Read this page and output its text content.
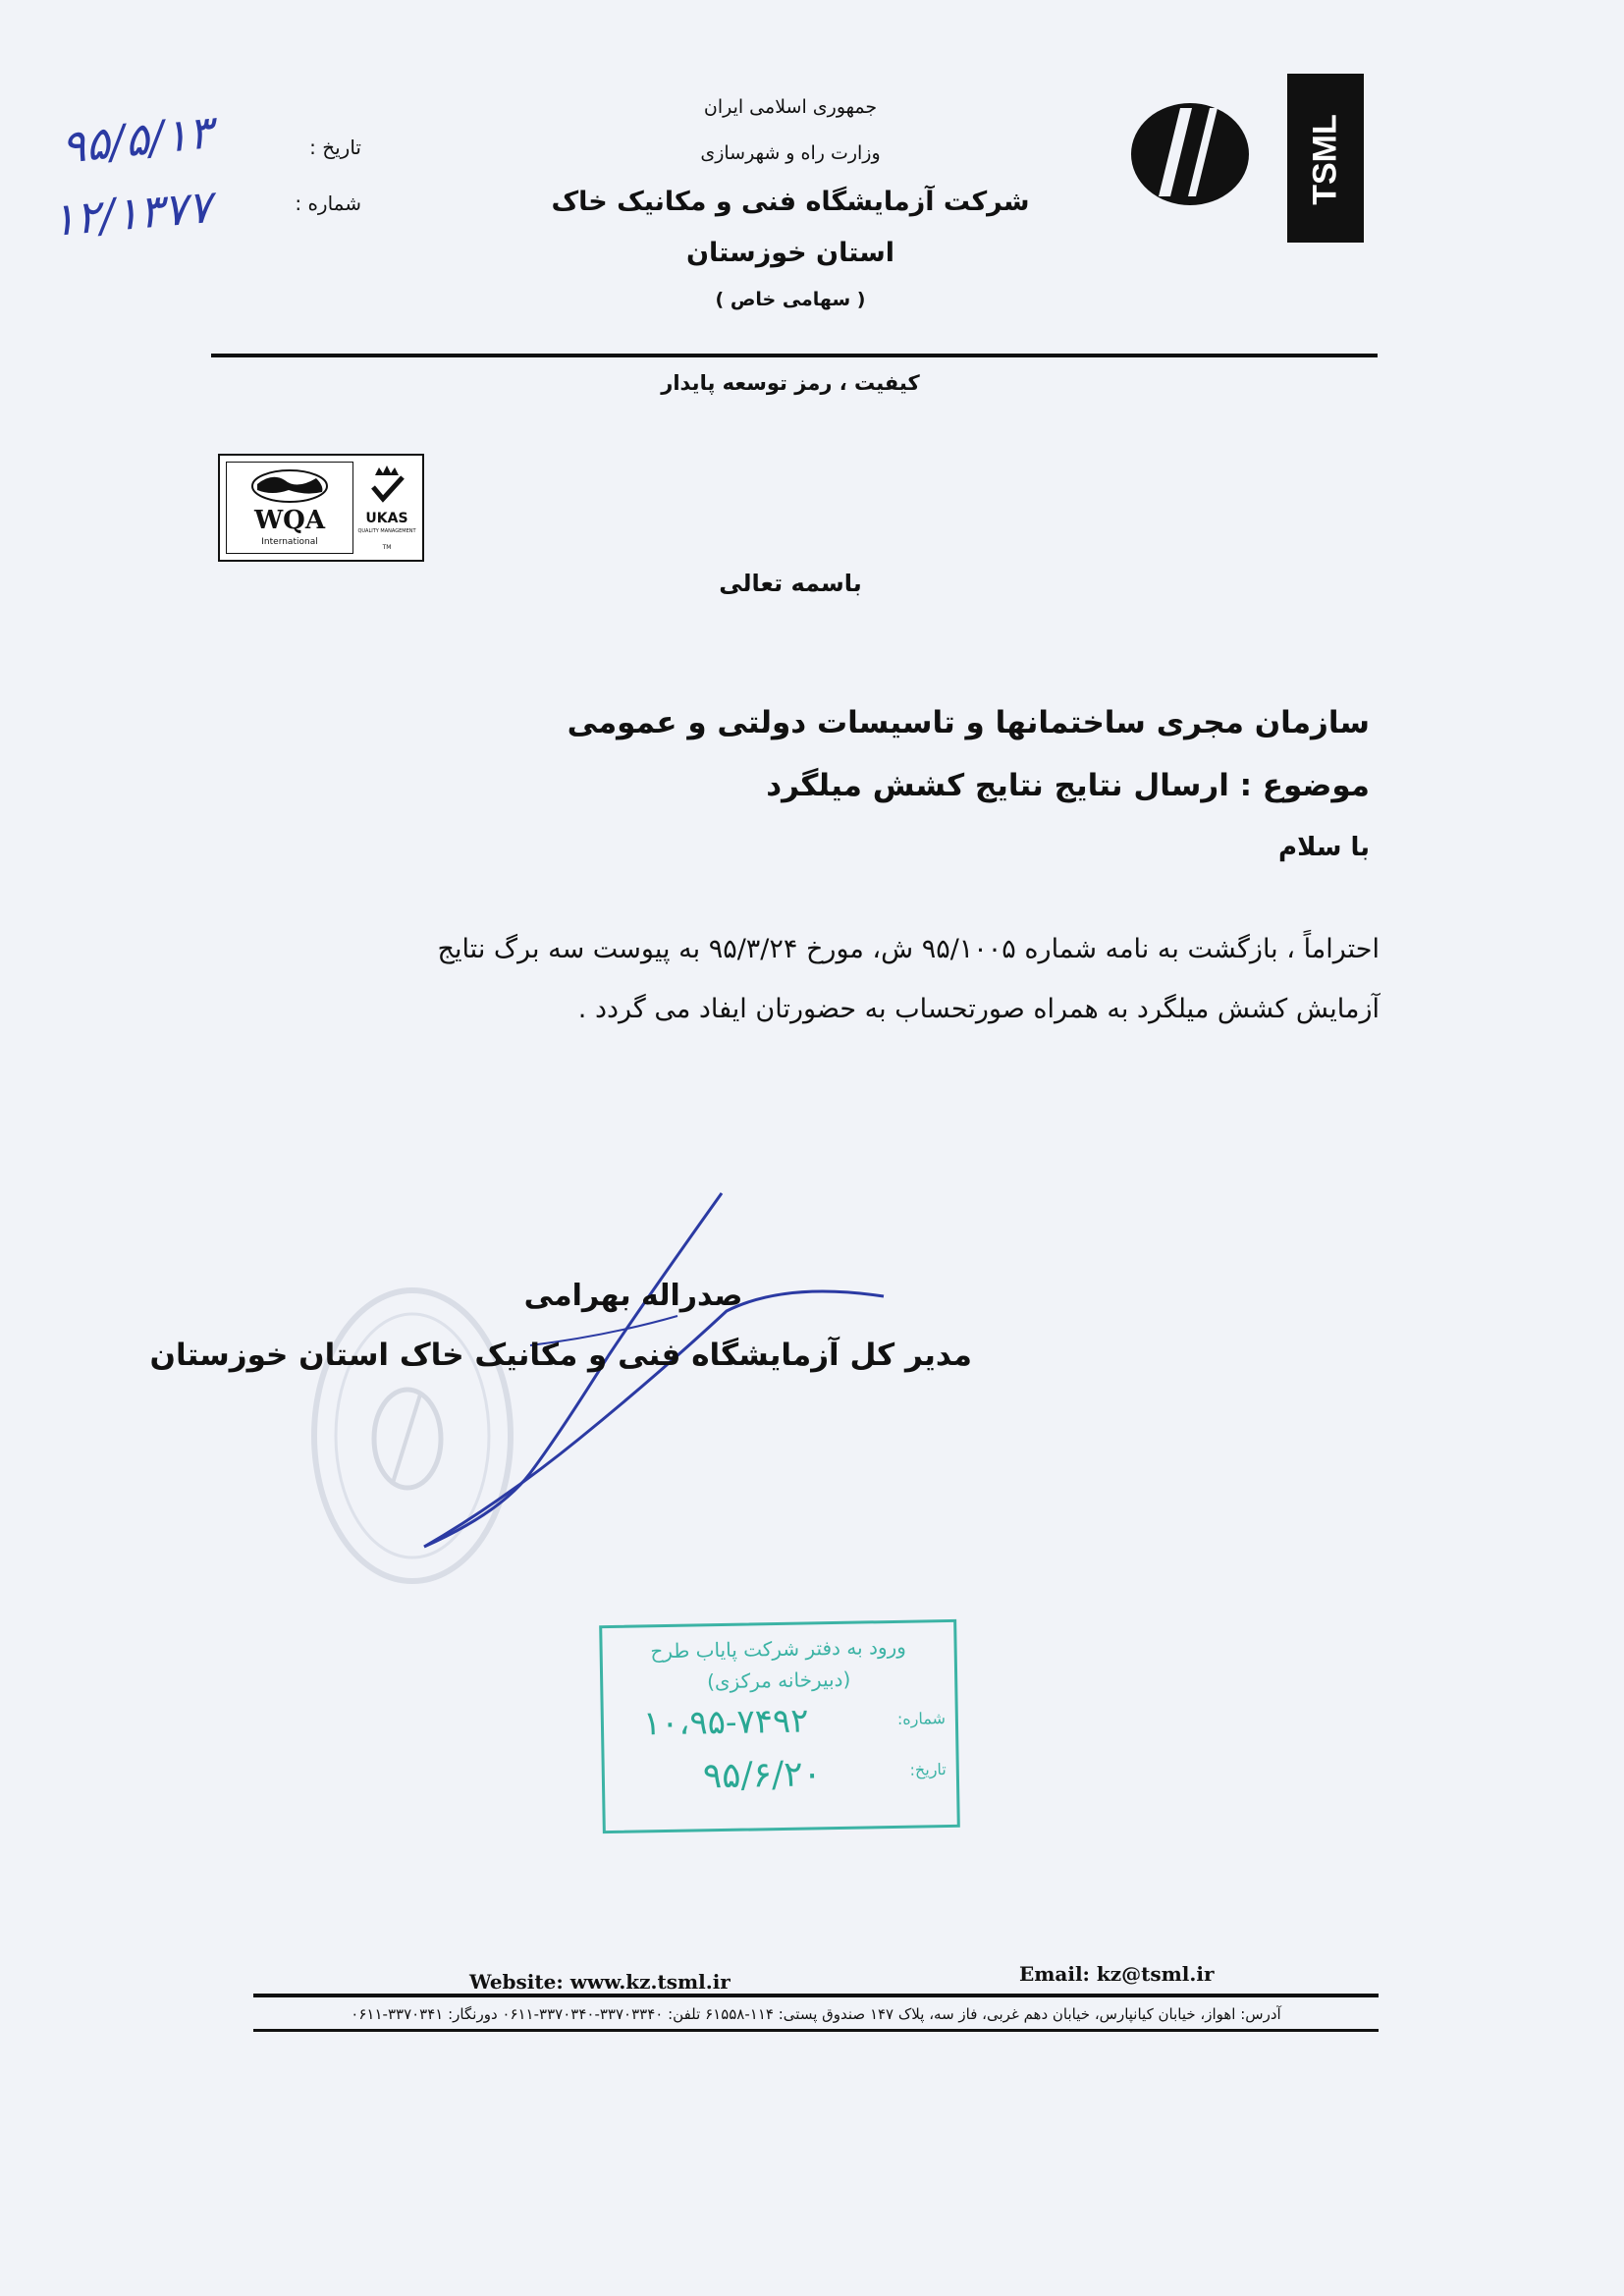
جمهوری اسلامی ایران
وزارت راه و شهرسازی
شرکت آزمایشگاه فنی و مکانیک خاک
استان خوزستان
( سهامی خاص )
TSML
تاریخ :
شماره :
۹۵/۵/۱۳
۱۲/۱۳۷۷
کیفیت ، رمز توسعه پایدار
WQA
International
UKAS
QUALITY MANAGEMENT
TM
باسمه تعالی
سازمان مجری ساختمانها و تاسیسات دولتی و عمومی
موضوع : ارسال نتایج نتایج کشش میلگرد
با سلام
احتراماً ، بازگشت به نامه شماره ۹۵/۱۰۰۵ ش، مورخ ۹۵/۳/۲۴ به پیوست سه برگ نتایج
آزمایش کشش میلگرد به همراه صورتحساب به حضورتان ایفاد می گردد .
صدراله بهرامی
مدیر کل آزمایشگاه فنی و مکانیک خاک استان خوزستان
ورود به دفتر شرکت پایاب طرح
(دبیرخانه مرکزی)
شماره:
۱۰،۹۵-۷۴۹۲
تاریخ:
۹۵/۶/۲۰
Website: www.kz.tsml.ir	Email: kz@tsml.ir
آدرس: اهواز، خیابان کیانپارس، خیابان دهم غربی، فاز سه، پلاک ۱۴۷ صندوق پستی: ۱۱۴-۶۱۵۵۸ تلفن: ۳۳۷۰۳۳۴۰-۳۳۷۰۳۴۰-۰۶۱۱ دورنگار: ۳۳۷۰۳۴۱-۰۶۱۱
